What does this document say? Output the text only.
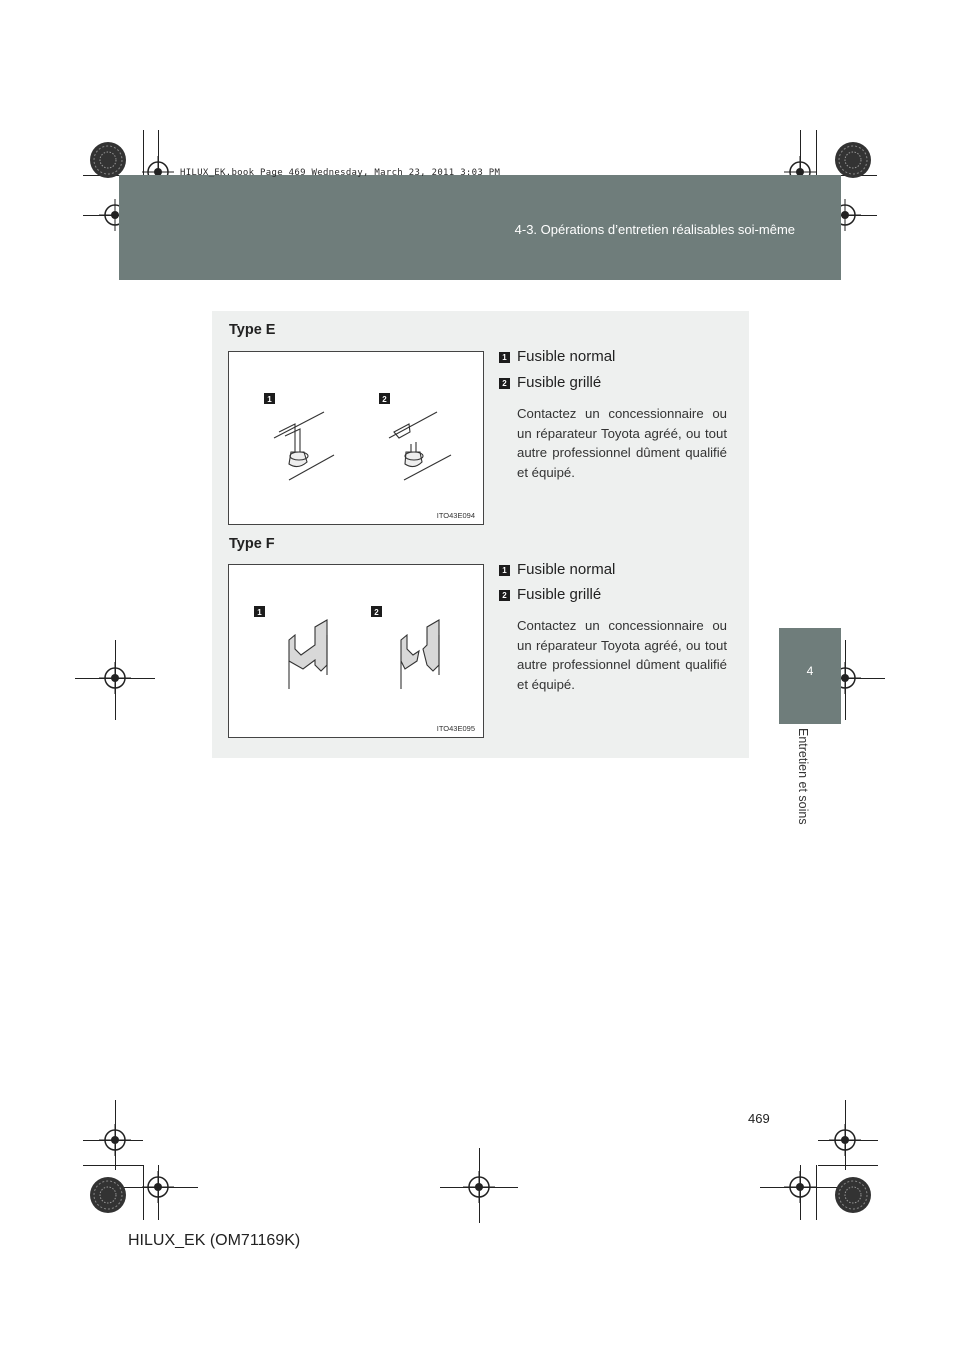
HILUX_EK.book Page 469 Wednesday, March 23, 2011 3:03 PM
4-3. Opérations d’entretien réalisables soi-même
4
Entretien et soins
Type E
1	2
ITO43E094
1 Fusible normal
2 Fusible grillé
Contactez un concessionnaire ou un réparateur Toyota agréé, ou tout autre professionnel dûment qualifié et équipé.
Type F
1	2
ITO43E095
1 Fusible normal
2 Fusible grillé
Contactez un concessionnaire ou un réparateur Toyota agréé, ou tout autre professionnel dûment qualifié et équipé.
469
HILUX_EK (OM71169K)
